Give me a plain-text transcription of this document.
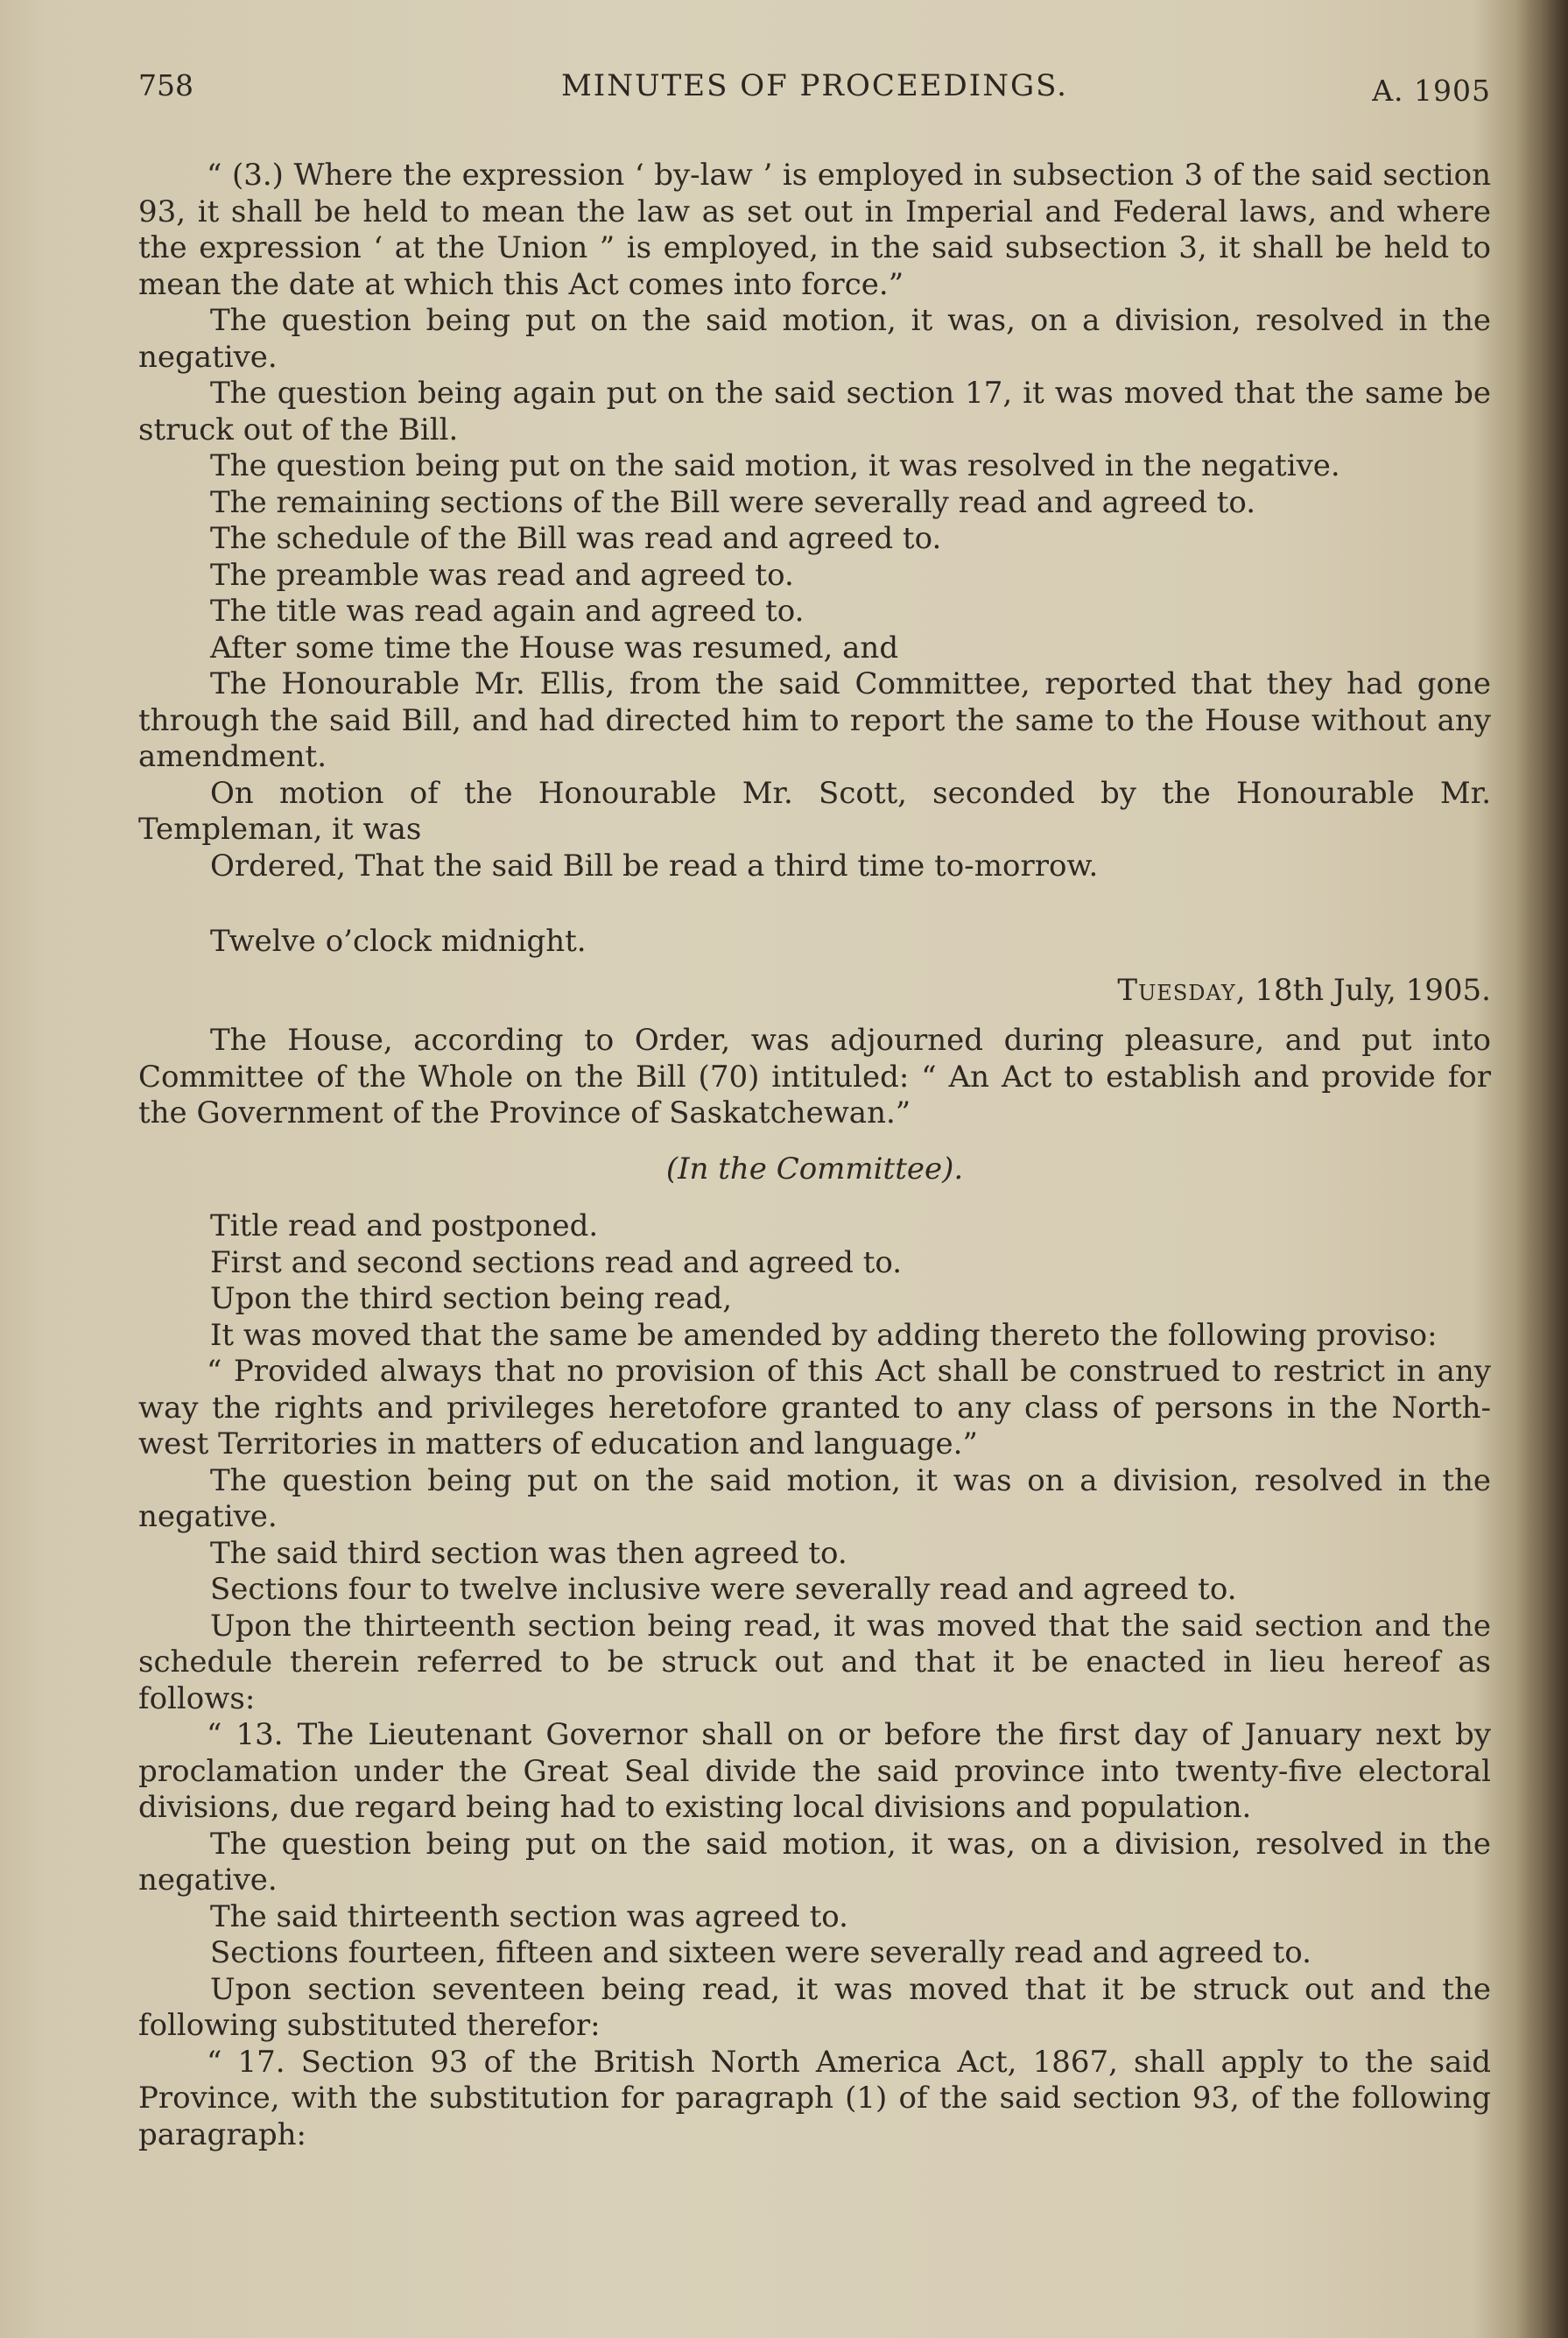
758	MINUTES OF PROCEEDINGS.	A. 1905

“ (3.) Where the expression ‘ by-law ’ is employed in subsection 3 of the said section 93, it shall be held to mean the law as set out in Imperial and Federal laws, and where the expression ‘ at the Union ” is employed, in the said subsection 3, it shall be held to mean the date at which this Act comes into force.”

The question being put on the said motion, it was, on a division, resolved in the negative.

The question being again put on the said section 17, it was moved that the same be struck out of the Bill.

The question being put on the said motion, it was resolved in the negative.

The remaining sections of the Bill were severally read and agreed to.

The schedule of the Bill was read and agreed to.

The preamble was read and agreed to.

The title was read again and agreed to.

After some time the House was resumed, and

The Honourable Mr. Ellis, from the said Committee, reported that they had gone through the said Bill, and had directed him to report the same to the House without any amendment.

On motion of the Honourable Mr. Scott, seconded by the Honourable Mr. Templeman, it was

Ordered, That the said Bill be read a third time to-morrow.

Twelve o’clock midnight.

Tuesday, 18th July, 1905.

The House, according to Order, was adjourned during pleasure, and put into Committee of the Whole on the Bill (70) intituled: “ An Act to establish and provide for the Government of the Province of Saskatchewan.”

(In the Committee).

Title read and postponed.

First and second sections read and agreed to.

Upon the third section being read,

It was moved that the same be amended by adding thereto the following proviso:

“ Provided always that no provision of this Act shall be construed to restrict in any way the rights and privileges heretofore granted to any class of persons in the North-west Territories in matters of education and language.”

The question being put on the said motion, it was on a division, resolved in the negative.

The said third section was then agreed to.

Sections four to twelve inclusive were severally read and agreed to.

Upon the thirteenth section being read, it was moved that the said section and the schedule therein referred to be struck out and that it be enacted in lieu hereof as follows:

“ 13. The Lieutenant Governor shall on or before the first day of January next by proclamation under the Great Seal divide the said province into twenty-five electoral divisions, due regard being had to existing local divisions and population.

The question being put on the said motion, it was, on a division, resolved in the negative.

The said thirteenth section was agreed to.

Sections fourteen, fifteen and sixteen were severally read and agreed to.

Upon section seventeen being read, it was moved that it be struck out and the following substituted therefor:

“ 17. Section 93 of the British North America Act, 1867, shall apply to the said Province, with the substitution for paragraph (1) of the said section 93, of the following paragraph:
